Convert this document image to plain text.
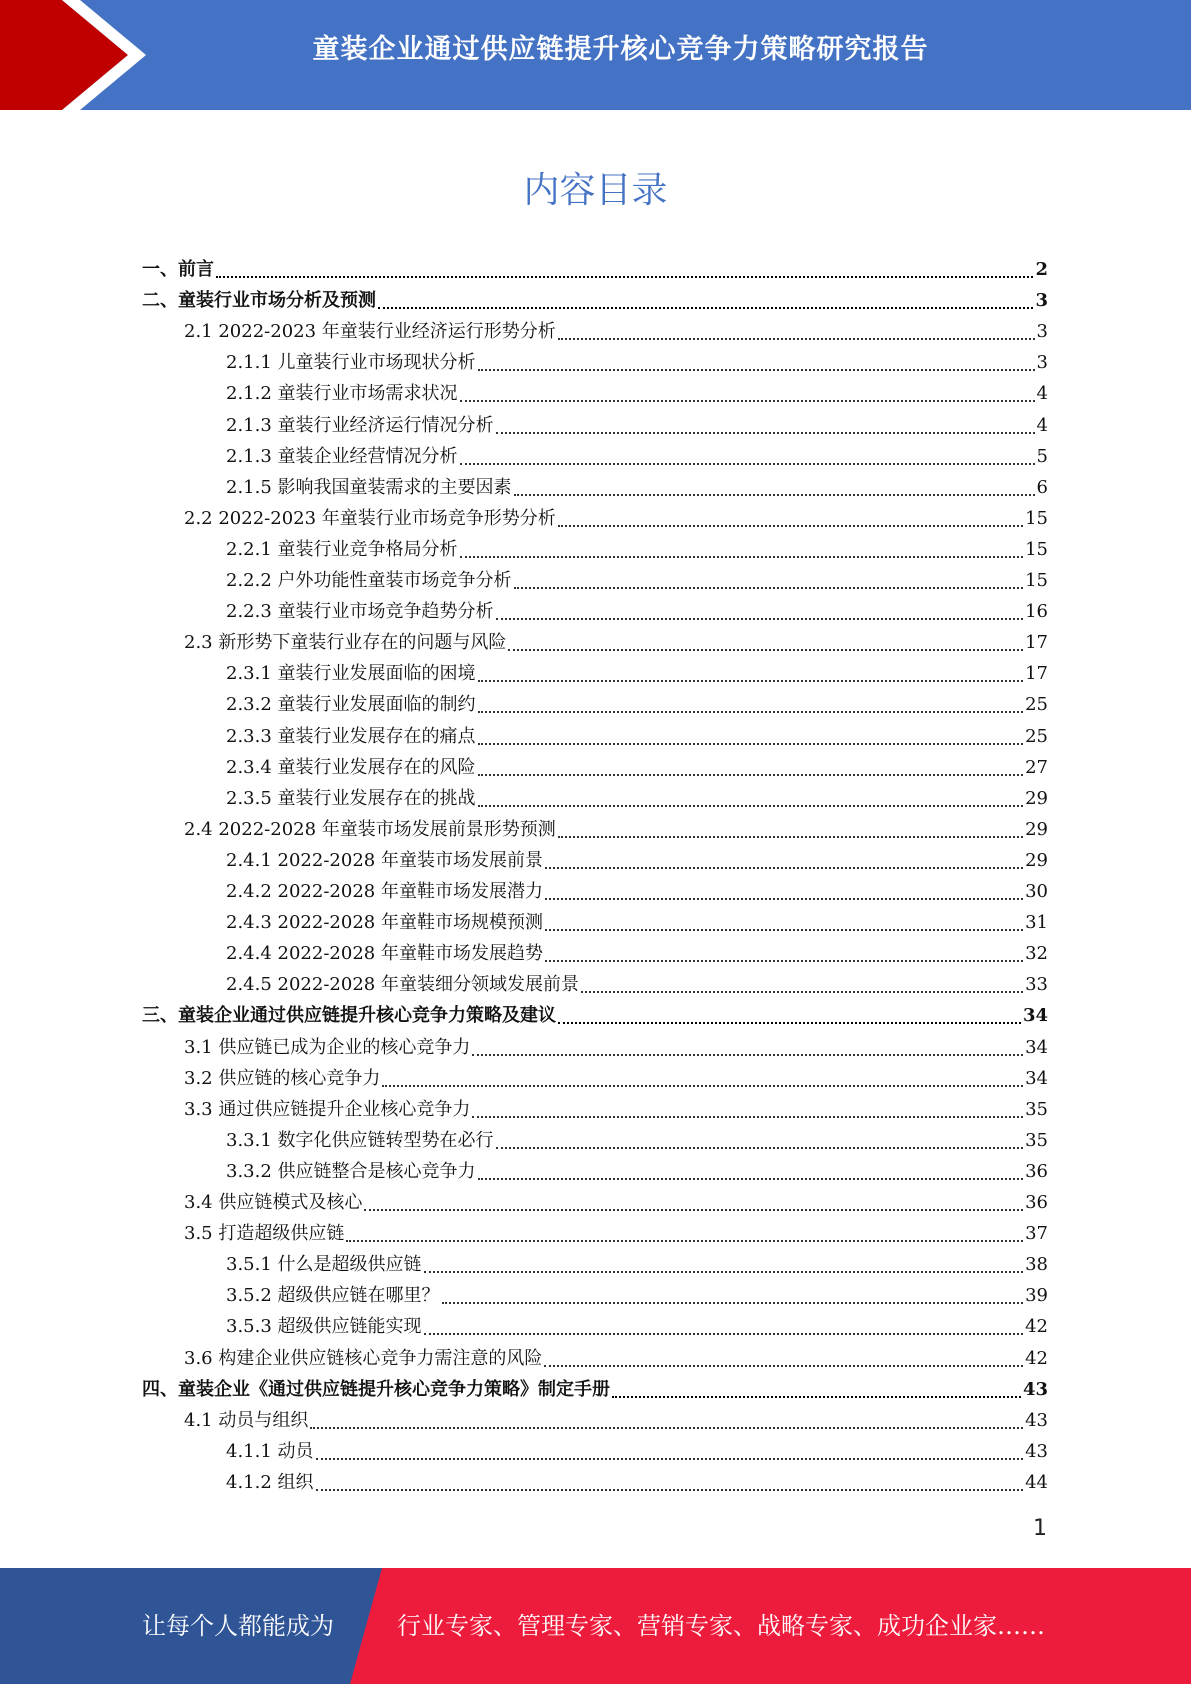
童装企业通过供应链提升核心竞争力策略研究报告
内容目录
一、前言	2
二、童装行业市场分析及预测	3
2.1 2022-2023 年童装行业经济运行形势分析	3
2.1.1 儿童装行业市场现状分析	3
2.1.2 童装行业市场需求状况	4
2.1.3 童装行业经济运行情况分析	4
2.1.3 童装企业经营情况分析	5
2.1.5 影响我国童装需求的主要因素	6
2.2 2022-2023 年童装行业市场竞争形势分析	15
2.2.1 童装行业竞争格局分析	15
2.2.2 户外功能性童装市场竞争分析	15
2.2.3 童装行业市场竞争趋势分析	16
2.3 新形势下童装行业存在的问题与风险	17
2.3.1 童装行业发展面临的困境	17
2.3.2 童装行业发展面临的制约	25
2.3.3 童装行业发展存在的痛点	25
2.3.4 童装行业发展存在的风险	27
2.3.5 童装行业发展存在的挑战	29
2.4 2022-2028 年童装市场发展前景形势预测	29
2.4.1 2022-2028 年童装市场发展前景	29
2.4.2 2022-2028 年童鞋市场发展潜力	30
2.4.3 2022-2028 年童鞋市场规模预测	31
2.4.4 2022-2028 年童鞋市场发展趋势	32
2.4.5 2022-2028 年童装细分领域发展前景	33
三、童装企业通过供应链提升核心竞争力策略及建议	34
3.1 供应链已成为企业的核心竞争力	34
3.2 供应链的核心竞争力	34
3.3 通过供应链提升企业核心竞争力	35
3.3.1 数字化供应链转型势在必行	35
3.3.2 供应链整合是核心竞争力	36
3.4 供应链模式及核心	36
3.5 打造超级供应链	37
3.5.1 什么是超级供应链	38
3.5.2 超级供应链在哪里？	39
3.5.3 超级供应链能实现	42
3.6 构建企业供应链核心竞争力需注意的风险	42
四、童装企业《通过供应链提升核心竞争力策略》制定手册	43
4.1 动员与组织	43
4.1.1 动员	43
4.1.2 组织	44
1
让每个人都能成为	行业专家、管理专家、营销专家、战略专家、成功企业家……
